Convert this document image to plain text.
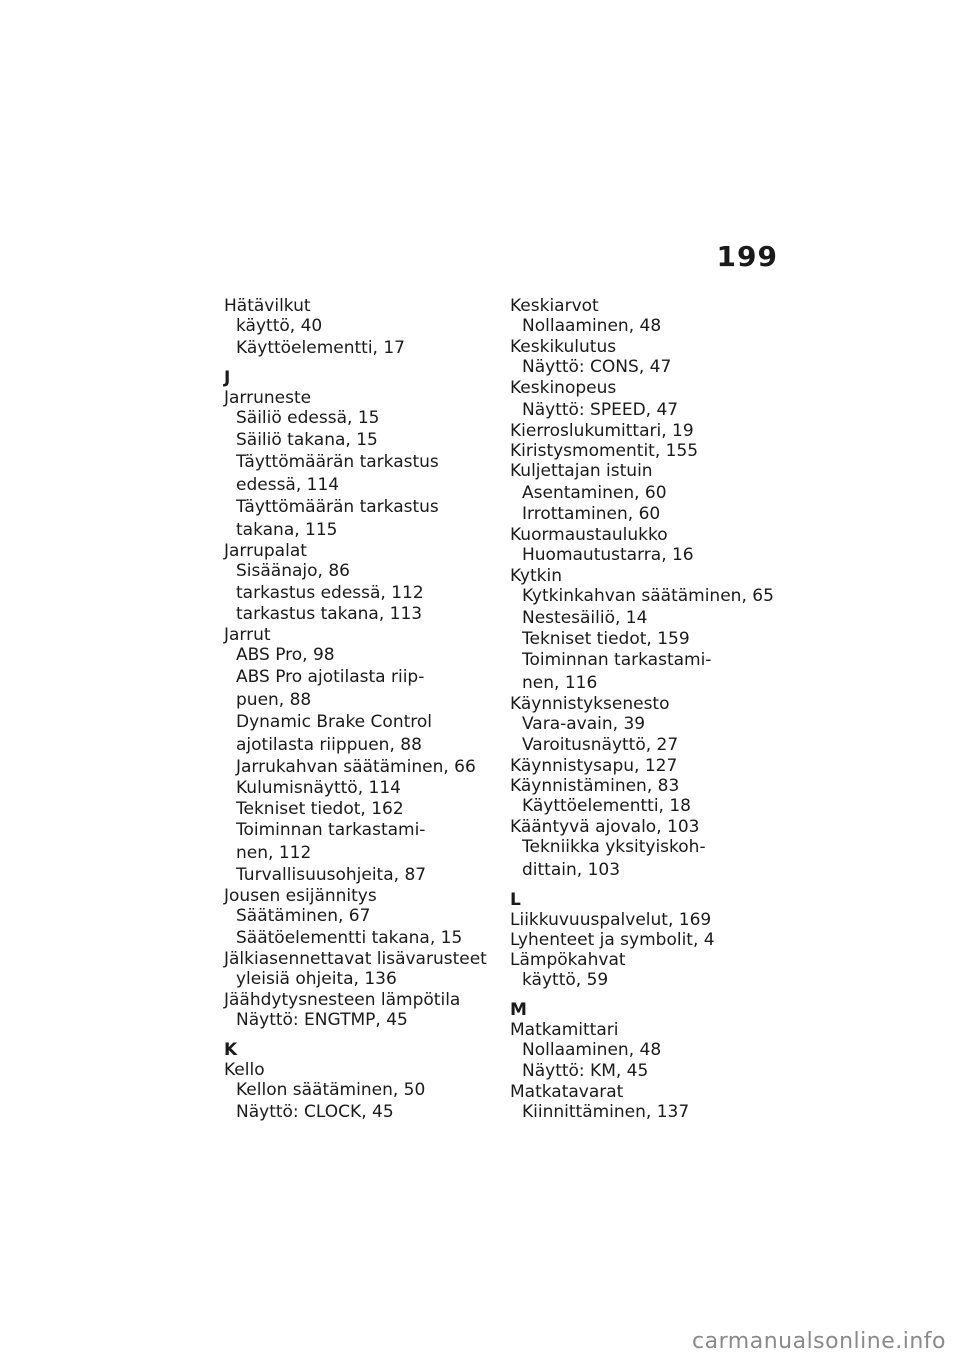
199
Hätävilkut
käyttö, 40
Käyttöelementti, 17
J
Jarruneste
Säiliö edessä, 15
Säiliö takana, 15
Täyttömäärän tarkastus
edessä, 114
Täyttömäärän tarkastus
takana, 115
Jarrupalat
Sisäänajo, 86
tarkastus edessä, 112
tarkastus takana, 113
Jarrut
ABS Pro, 98
ABS Pro ajotilasta riip-
puen, 88
Dynamic Brake Control
ajotilasta riippuen, 88
Jarrukahvan säätäminen, 66
Kulumisnäyttö, 114
Tekniset tiedot, 162
Toiminnan tarkastami-
nen, 112
Turvallisuusohjeita, 87
Jousen esijännitys
Säätäminen, 67
Säätöelementti takana, 15
Jälkiasennettavat lisävarusteet
yleisiä ohjeita, 136
Jäähdytysnesteen lämpötila
Näyttö: ENGTMP, 45
K
Kello
Kellon säätäminen, 50
Näyttö: CLOCK, 45
Keskiarvot
Nollaaminen, 48
Keskikulutus
Näyttö: CONS, 47
Keskinopeus
Näyttö: SPEED, 47
Kierroslukumittari, 19
Kiristysmomentit, 155
Kuljettajan istuin
Asentaminen, 60
Irrottaminen, 60
Kuormaustaulukko
Huomautustarra, 16
Kytkin
Kytkinkahvan säätäminen, 65
Nestesäiliö, 14
Tekniset tiedot, 159
Toiminnan tarkastami-
nen, 116
Käynnistyksenesto
Vara-avain, 39
Varoitusnäyttö, 27
Käynnistysapu, 127
Käynnistäminen, 83
Käyttöelementti, 18
Kääntyvä ajovalo, 103
Tekniikka yksityiskoh-
dittain, 103
L
Liikkuvuuspalvelut, 169
Lyhenteet ja symbolit, 4
Lämpökahvat
käyttö, 59
M
Matkamittari
Nollaaminen, 48
Näyttö: KM, 45
Matkatavarat
Kiinnittäminen, 137
carmanualsonline.info
